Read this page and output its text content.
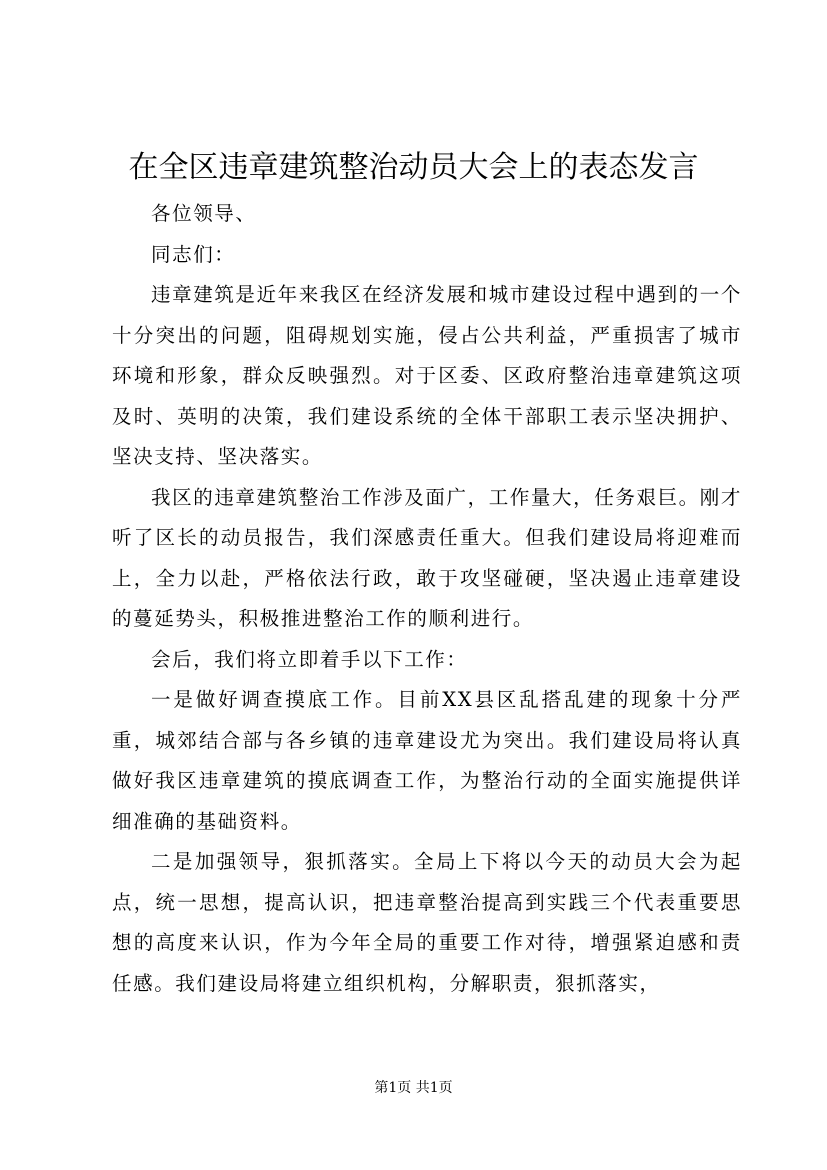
在全区违章建筑整治动员大会上的表态发言

各位领导、

同志们：

违章建筑是近年来我区在经济发展和城市建设过程中遇到的一个十分突出的问题，阻碍规划实施，侵占公共利益，严重损害了城市环境和形象，群众反映强烈。对于区委、区政府整治违章建筑这项及时、英明的决策，我们建设系统的全体干部职工表示坚决拥护、坚决支持、坚决落实。

我区的违章建筑整治工作涉及面广，工作量大，任务艰巨。刚才听了区长的动员报告，我们深感责任重大。但我们建设局将迎难而上，全力以赴，严格依法行政，敢于攻坚碰硬，坚决遏止违章建设的蔓延势头，积极推进整治工作的顺利进行。

会后，我们将立即着手以下工作：

一是做好调查摸底工作。目前XX县区乱搭乱建的现象十分严重，城郊结合部与各乡镇的违章建设尤为突出。我们建设局将认真做好我区违章建筑的摸底调查工作，为整治行动的全面实施提供详细准确的基础资料。

二是加强领导，狠抓落实。全局上下将以今天的动员大会为起点，统一思想，提高认识，把违章整治提高到实践三个代表重要思想的高度来认识，作为今年全局的重要工作对待，增强紧迫感和责任感。我们建设局将建立组织机构，分解职责，狠抓落实，

第1页 共1页
